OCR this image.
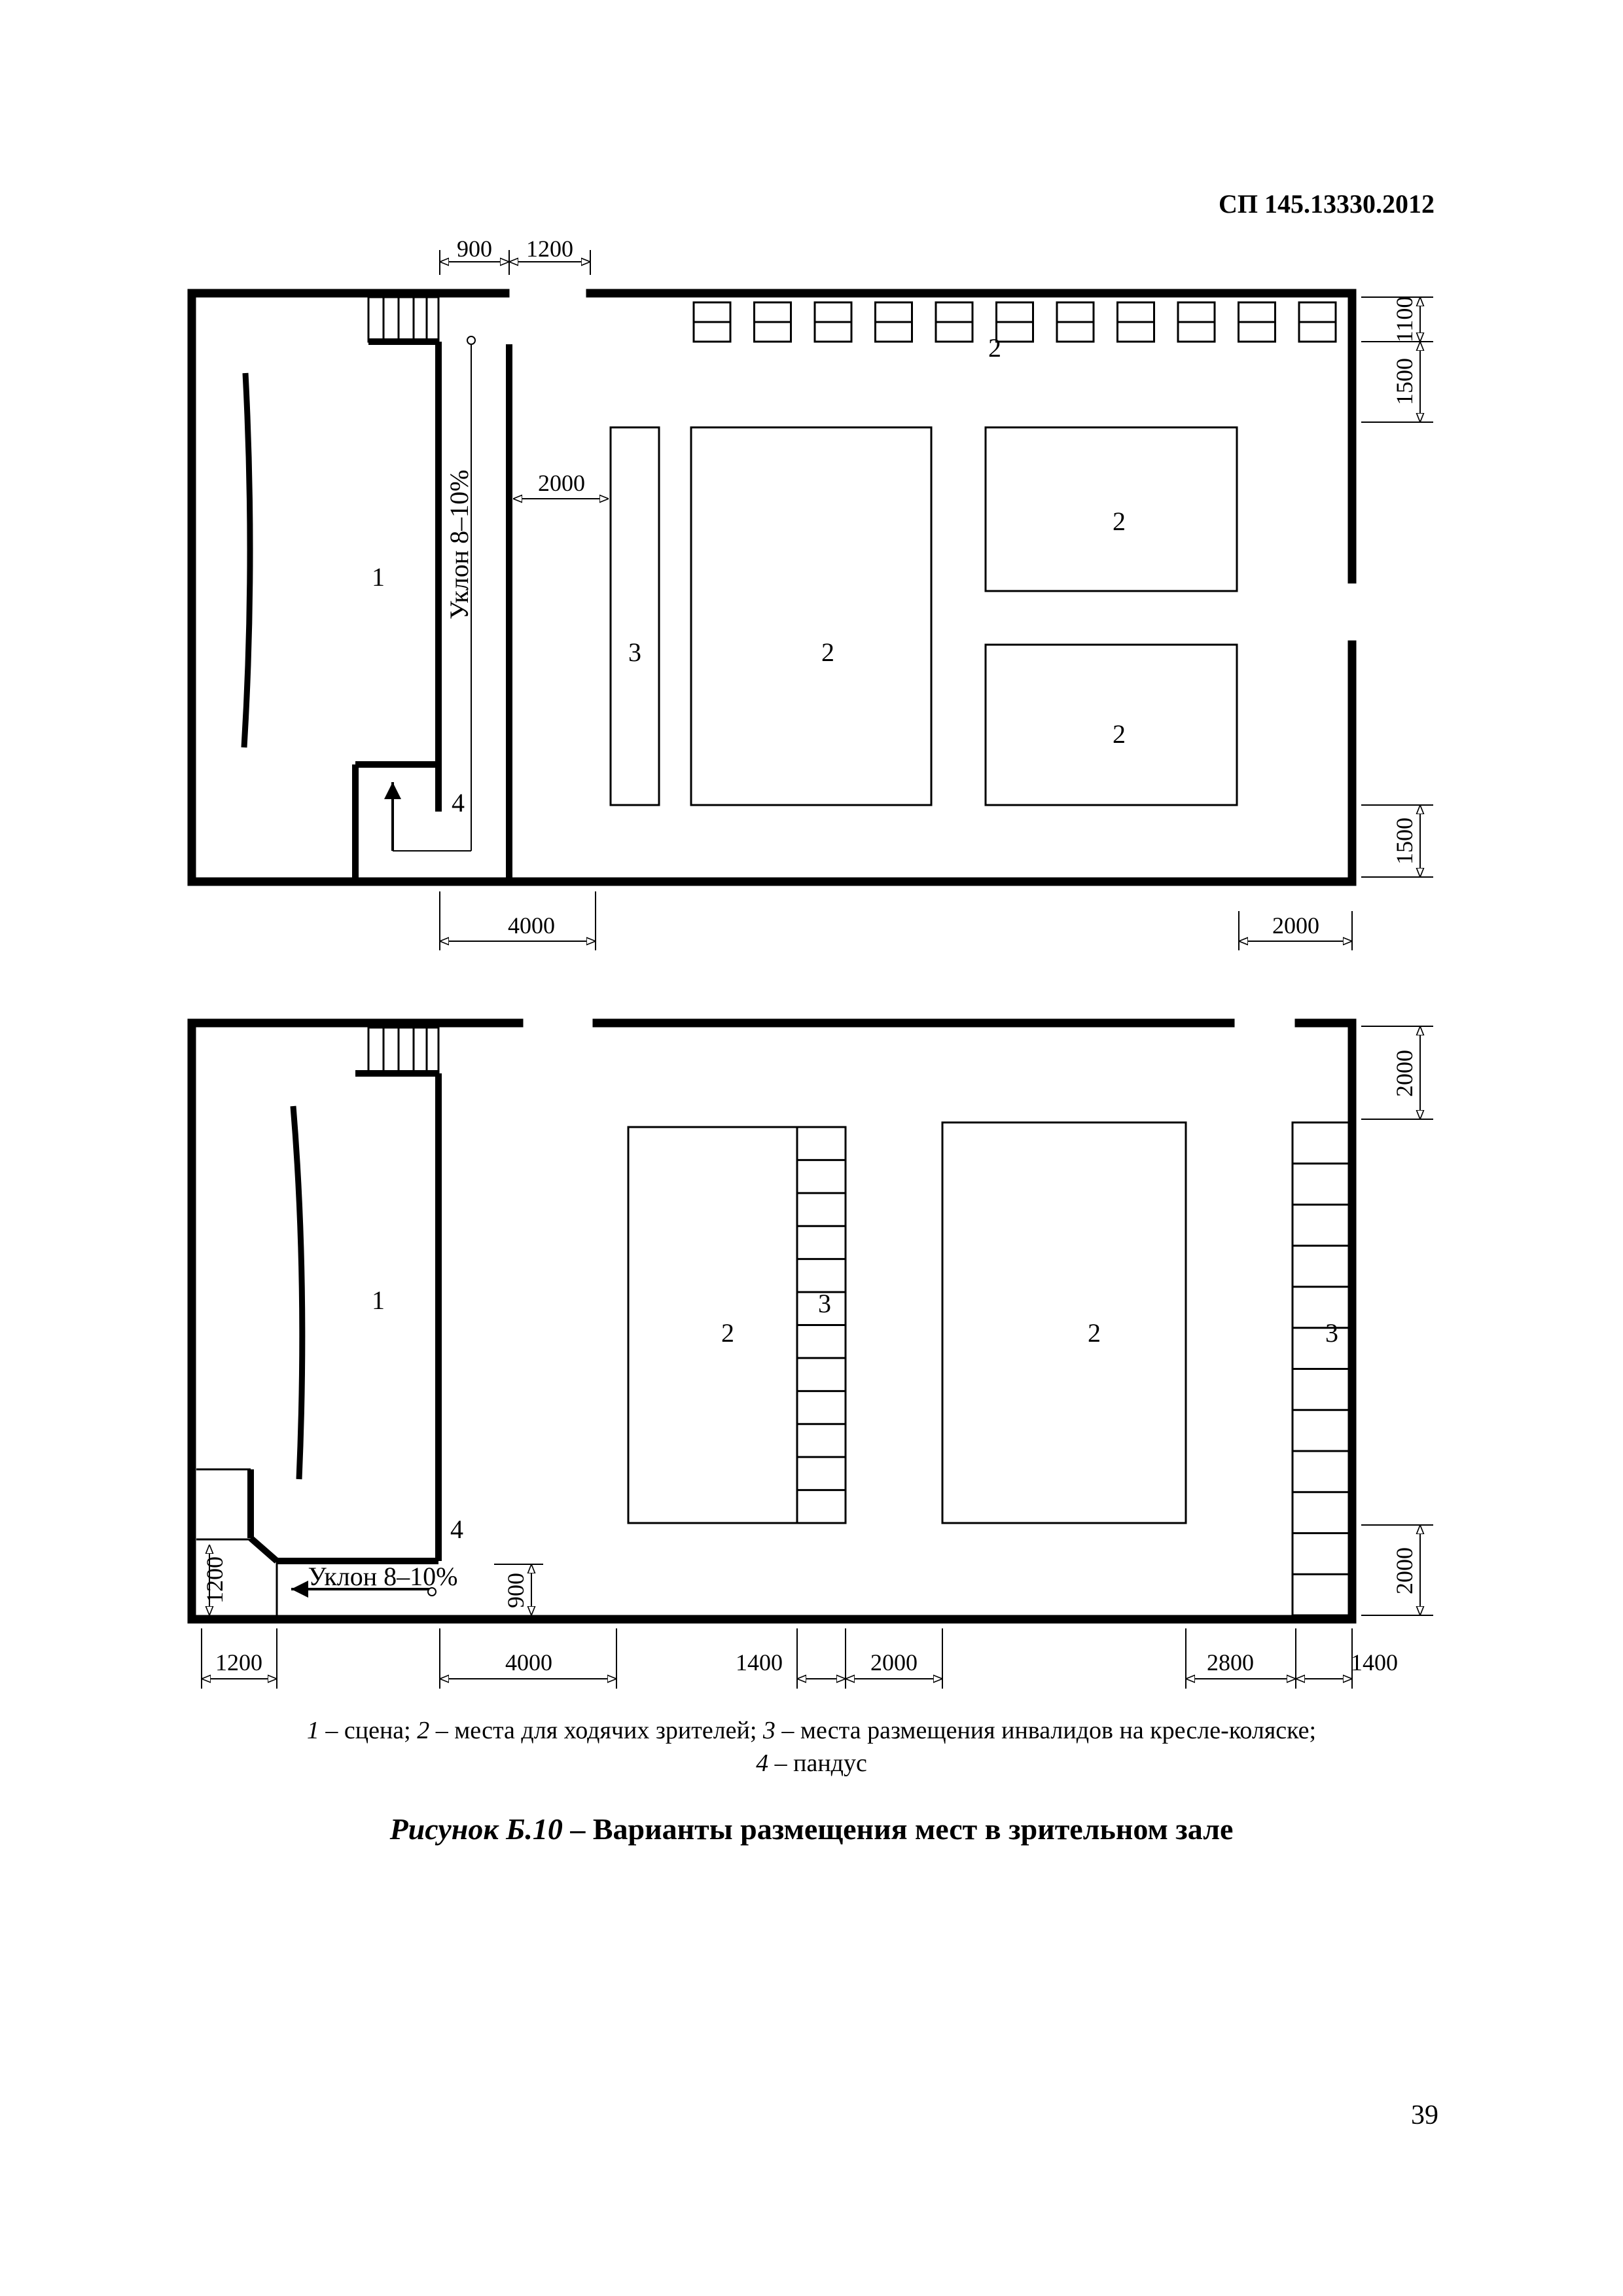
СП 145.13330.2012
900 1200
1100
1500
2000
1500
4000	2000
1
2
3	2
2
2
4
Уклон 8–10%
2000
2000
1200	900
1200	4000	1400	2000	2800	1400
1
2	2
3
3
4
Уклон 8–10%
1 – сцена; 2 – места для ходячих зрителей; 3 – места размещения инвалидов на кресле-коляске;
4 – пандус
Рисунок Б.10 – Варианты размещения мест в зрительном зале
39
